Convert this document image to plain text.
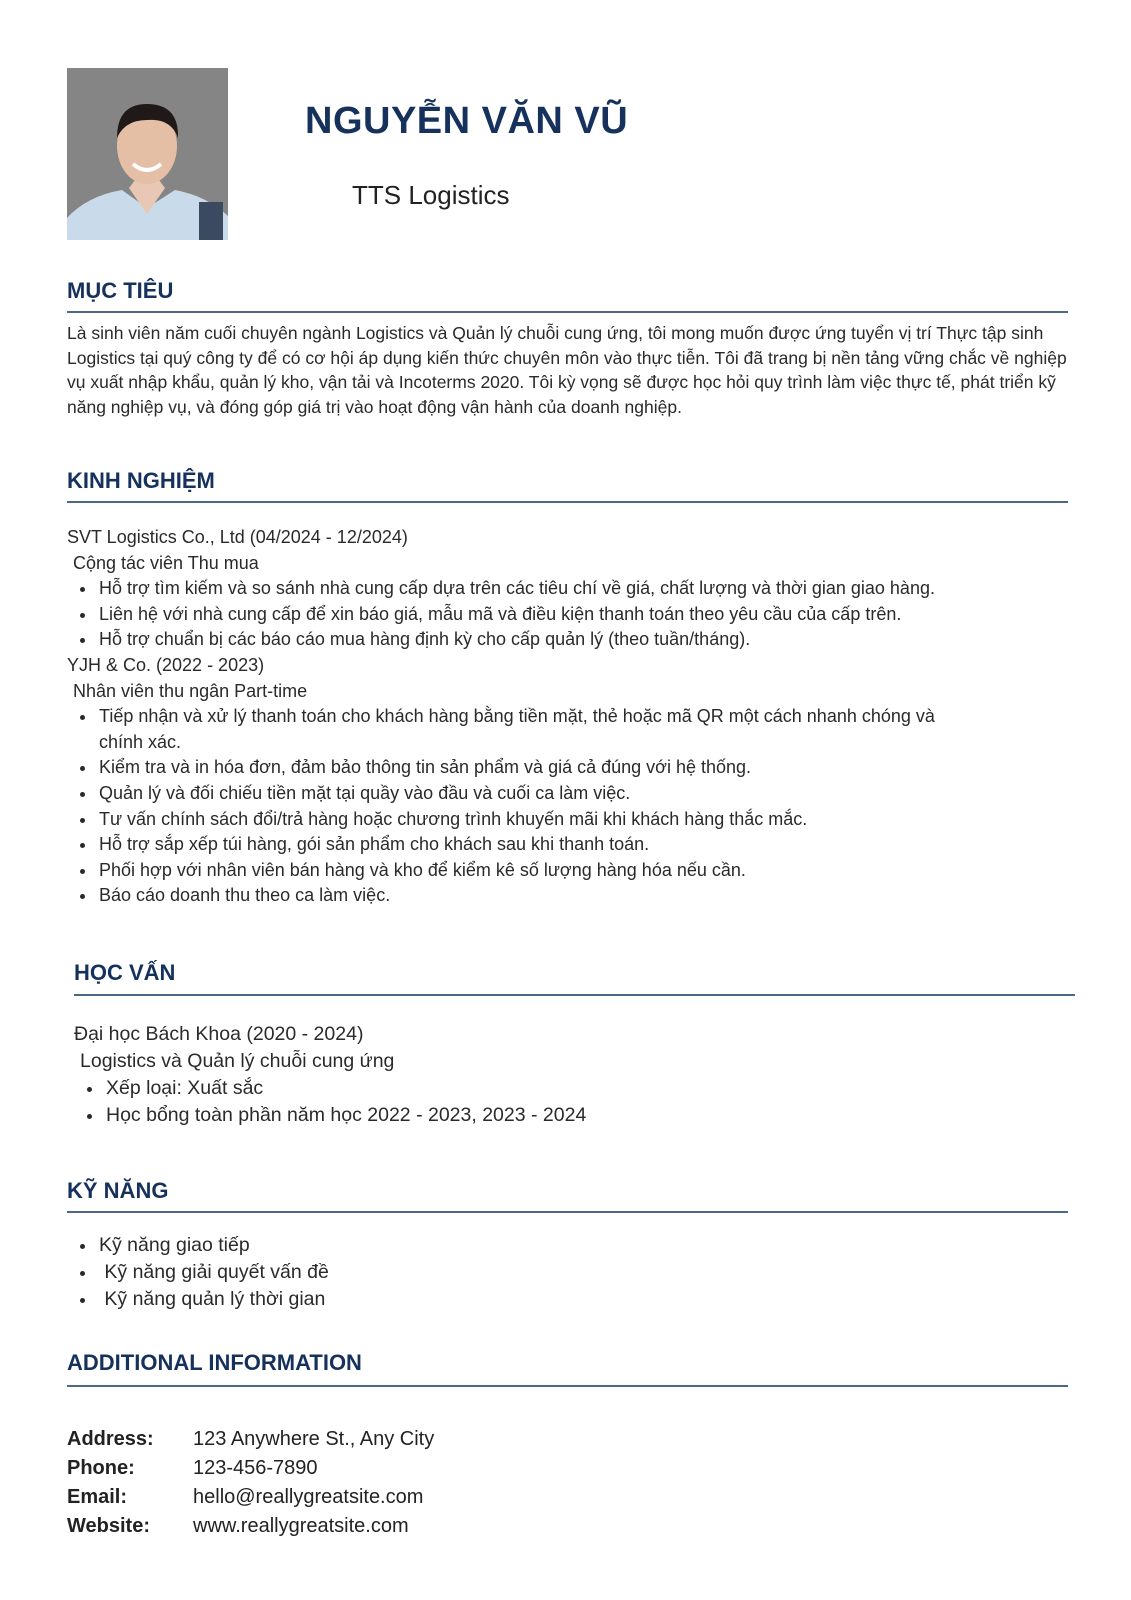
NGUYỄN VĂN VŨ
TTS Logistics
MỤC TIÊU

Là sinh viên năm cuối chuyên ngành Logistics và Quản lý chuỗi cung ứng, tôi mong muốn được ứng tuyển vị trí Thực tập sinh Logistics tại quý công ty để có cơ hội áp dụng kiến thức chuyên môn vào thực tiễn. Tôi đã trang bị nền tảng vững chắc về nghiệp vụ xuất nhập khẩu, quản lý kho, vận tải và Incoterms 2020. Tôi kỳ vọng sẽ được học hỏi quy trình làm việc thực tế, phát triển kỹ năng nghiệp vụ, và đóng góp giá trị vào hoạt động vận hành của doanh nghiệp.

KINH NGHIỆM
SVT Logistics Co., Ltd (04/2024 - 12/2024)
Cộng tác viên Thu mua
Hỗ trợ tìm kiếm và so sánh nhà cung cấp dựa trên các tiêu chí về giá, chất lượng và thời gian giao hàng.
Liên hệ với nhà cung cấp để xin báo giá, mẫu mã và điều kiện thanh toán theo yêu cầu của cấp trên.
Hỗ trợ chuẩn bị các báo cáo mua hàng định kỳ cho cấp quản lý (theo tuần/tháng).
YJH & Co. (2022 - 2023)
Nhân viên thu ngân Part-time
Tiếp nhận và xử lý thanh toán cho khách hàng bằng tiền mặt, thẻ hoặc mã QR một cách nhanh chóng và
chính xác.
Kiểm tra và in hóa đơn, đảm bảo thông tin sản phẩm và giá cả đúng với hệ thống.
Quản lý và đối chiếu tiền mặt tại quầy vào đầu và cuối ca làm việc.
Tư vấn chính sách đổi/trả hàng hoặc chương trình khuyến mãi khi khách hàng thắc mắc.
Hỗ trợ sắp xếp túi hàng, gói sản phẩm cho khách sau khi thanh toán.
Phối hợp với nhân viên bán hàng và kho để kiểm kê số lượng hàng hóa nếu cần.
Báo cáo doanh thu theo ca làm việc.
HỌC VẤN
Đại học Bách Khoa (2020 - 2024)
Logistics và Quản lý chuỗi cung ứng
Xếp loại: Xuất sắc
Học bổng toàn phần năm học 2022 - 2023, 2023 - 2024
KỸ NĂNG
Kỹ năng giao tiếp
Kỹ năng giải quyết vấn đề
Kỹ năng quản lý thời gian
ADDITIONAL INFORMATION
Address:	123 Anywhere St., Any City
Phone:	123-456-7890
Email:	hello@reallygreatsite.com
Website:	www.reallygreatsite.com
